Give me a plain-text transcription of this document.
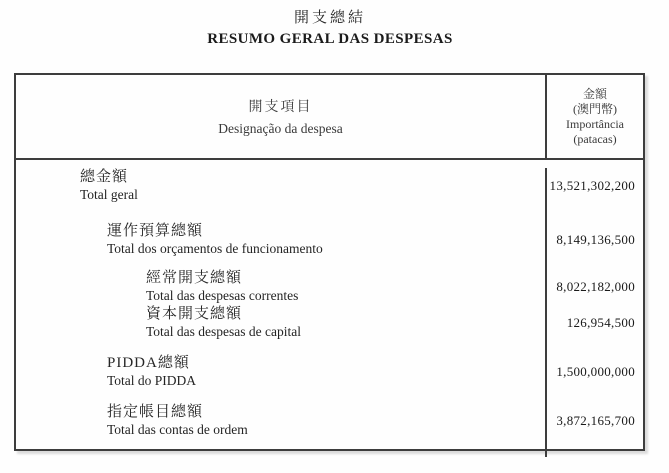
開支總結
RESUMO GERAL DAS DESPESAS
開支項目
Designação da despesa
金額
(澳門幣)
Importância
(patacas)
總金額
Total geral
13,521,302,200
運作預算總額
Total dos orçamentos de funcionamento
8,149,136,500
經常開支總額
Total das despesas correntes
8,022,182,000
資本開支總額
Total das despesas de capital
126,954,500
PIDDA總額
Total do PIDDA
1,500,000,000
指定帳目總額
Total das contas de ordem
3,872,165,700
